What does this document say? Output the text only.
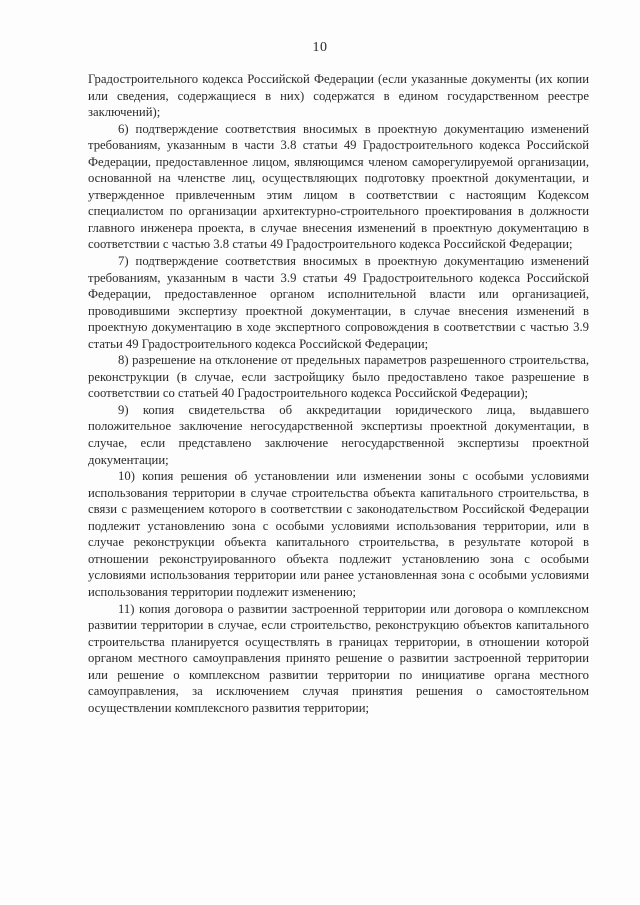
10

Градостроительного кодекса Российской Федерации (если указанные документы (их копии или сведения, содержащиеся в них) содержатся в едином государственном реестре заключений);

6) подтверждение соответствия вносимых в проектную документацию изменений требованиям, указанным в части 3.8 статьи 49 Градостроительного кодекса Российской Федерации, предоставленное лицом, являющимся членом саморегулируемой организации, основанной на членстве лиц, осуществляющих подготовку проектной документации, и утвержденное привлеченным этим лицом в соответствии с настоящим Кодексом специалистом по организации архитектурно-строительного проектирования в должности главного инженера проекта, в случае внесения изменений в проектную документацию в соответствии с частью 3.8 статьи 49 Градостроительного кодекса Российской Федерации;

7) подтверждение соответствия вносимых в проектную документацию изменений требованиям, указанным в части 3.9 статьи 49 Градостроительного кодекса Российской Федерации, предоставленное органом исполнительной власти или организацией, проводившими экспертизу проектной документации, в случае внесения изменений в проектную документацию в ходе экспертного сопровождения в соответствии с частью 3.9 статьи 49 Градостроительного кодекса Российской Федерации;

8) разрешение на отклонение от предельных параметров разрешенного строительства, реконструкции (в случае, если застройщику было предоставлено такое разрешение в соответствии со статьей 40 Градостроительного кодекса Российской Федерации);

9) копия свидетельства об аккредитации юридического лица, выдавшего положительное заключение негосударственной экспертизы проектной документации, в случае, если представлено заключение негосударственной экспертизы проектной документации;

10) копия решения об установлении или изменении зоны с особыми условиями использования территории в случае строительства объекта капитального строительства, в связи с размещением которого в соответствии с законодательством Российской Федерации подлежит установлению зона с особыми условиями использования территории, или в случае реконструкции объекта капитального строительства, в результате которой в отношении реконструированного объекта подлежит установлению зона с особыми условиями использования территории или ранее установленная зона с особыми условиями использования территории подлежит изменению;

11) копия договора о развитии застроенной территории или договора о комплексном развитии территории в случае, если строительство, реконструкцию объектов капитального строительства планируется осуществлять в границах территории, в отношении которой органом местного самоуправления принято решение о развитии застроенной территории или решение о комплексном развитии территории по инициативе органа местного самоуправления, за исключением случая принятия решения о самостоятельном осуществлении комплексного развития территории;
